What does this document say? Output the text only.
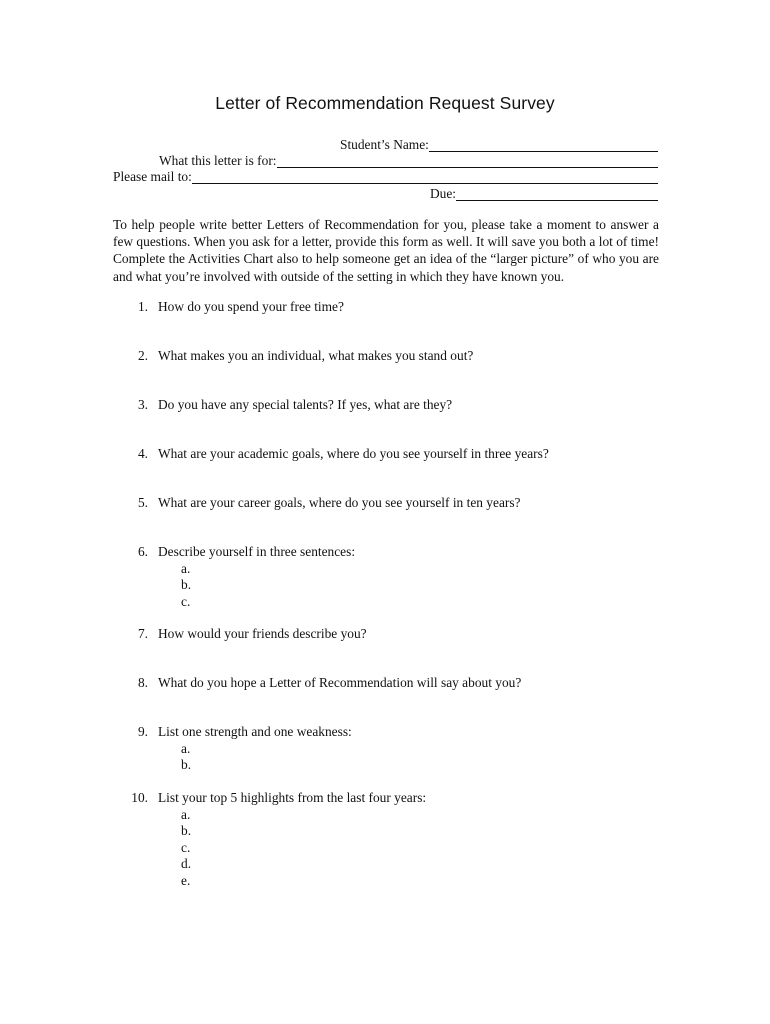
Letter of Recommendation Request Survey
Student’s Name:
What this letter is for:
Please mail to:
Due:
To help people write better Letters of Recommendation for you, please take a moment to answer a few questions. When you ask for a letter, provide this form as well. It will save you both a lot of time! Complete the Activities Chart also to help someone get an idea of the “larger picture” of who you are and what you’re involved with outside of the setting in which they have known you.
1. How do you spend your free time?
2. What makes you an individual, what makes you stand out?
3. Do you have any special talents? If yes, what are they?
4. What are your academic goals, where do you see yourself in three years?
5. What are your career goals, where do you see yourself in ten years?
6. Describe yourself in three sentences:
a.
b.
c.
7. How would your friends describe you?
8. What do you hope a Letter of Recommendation will say about you?
9. List one strength and one weakness:
a.
b.
10. List your top 5 highlights from the last four years:
a.
b.
c.
d.
e.
